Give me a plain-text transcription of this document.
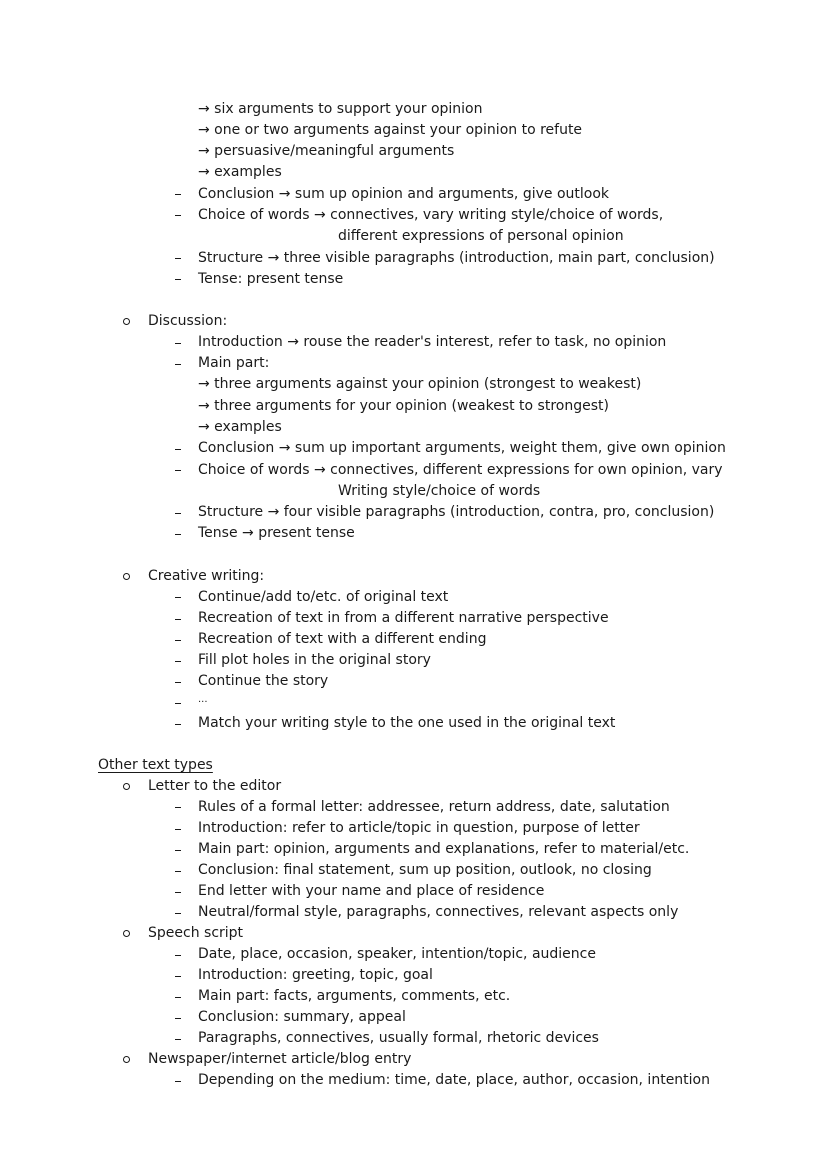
→ six arguments to support your opinion
→ one or two arguments against your opinion to refute
→ persuasive/meaningful arguments
→ examples
Conclusion → sum up opinion and arguments, give outlook
Choice of words → connectives, vary writing style/choice of words,
different expressions of personal opinion
Structure → three visible paragraphs (introduction, main part, conclusion)
Tense: present tense
Discussion:
Introduction → rouse the reader's interest, refer to task, no opinion
Main part:
→ three arguments against your opinion (strongest to weakest)
→ three arguments for your opinion (weakest to strongest)
→ examples
Conclusion → sum up important arguments, weight them, give own opinion
Choice of words → connectives, different expressions for own opinion, vary
Writing style/choice of words
Structure → four visible paragraphs (introduction, contra, pro, conclusion)
Tense → present tense
Creative writing:
Continue/add to/etc. of original text
Recreation of text in from a different narrative perspective
Recreation of text with a different ending
Fill plot holes in the original story
Continue the story
...
Match your writing style to the one used in the original text
Other text types
Letter to the editor
Rules of a formal letter: addressee, return address, date, salutation
Introduction: refer to article/topic in question, purpose of letter
Main part: opinion, arguments and explanations, refer to material/etc.
Conclusion: final statement, sum up position, outlook, no closing
End letter with your name and place of residence
Neutral/formal style, paragraphs, connectives, relevant aspects only
Speech script
Date, place, occasion, speaker, intention/topic, audience
Introduction: greeting, topic, goal
Main part: facts, arguments, comments, etc.
Conclusion: summary, appeal
Paragraphs, connectives, usually formal, rhetoric devices
Newspaper/internet article/blog entry
Depending on the medium: time, date, place, author, occasion, intention
